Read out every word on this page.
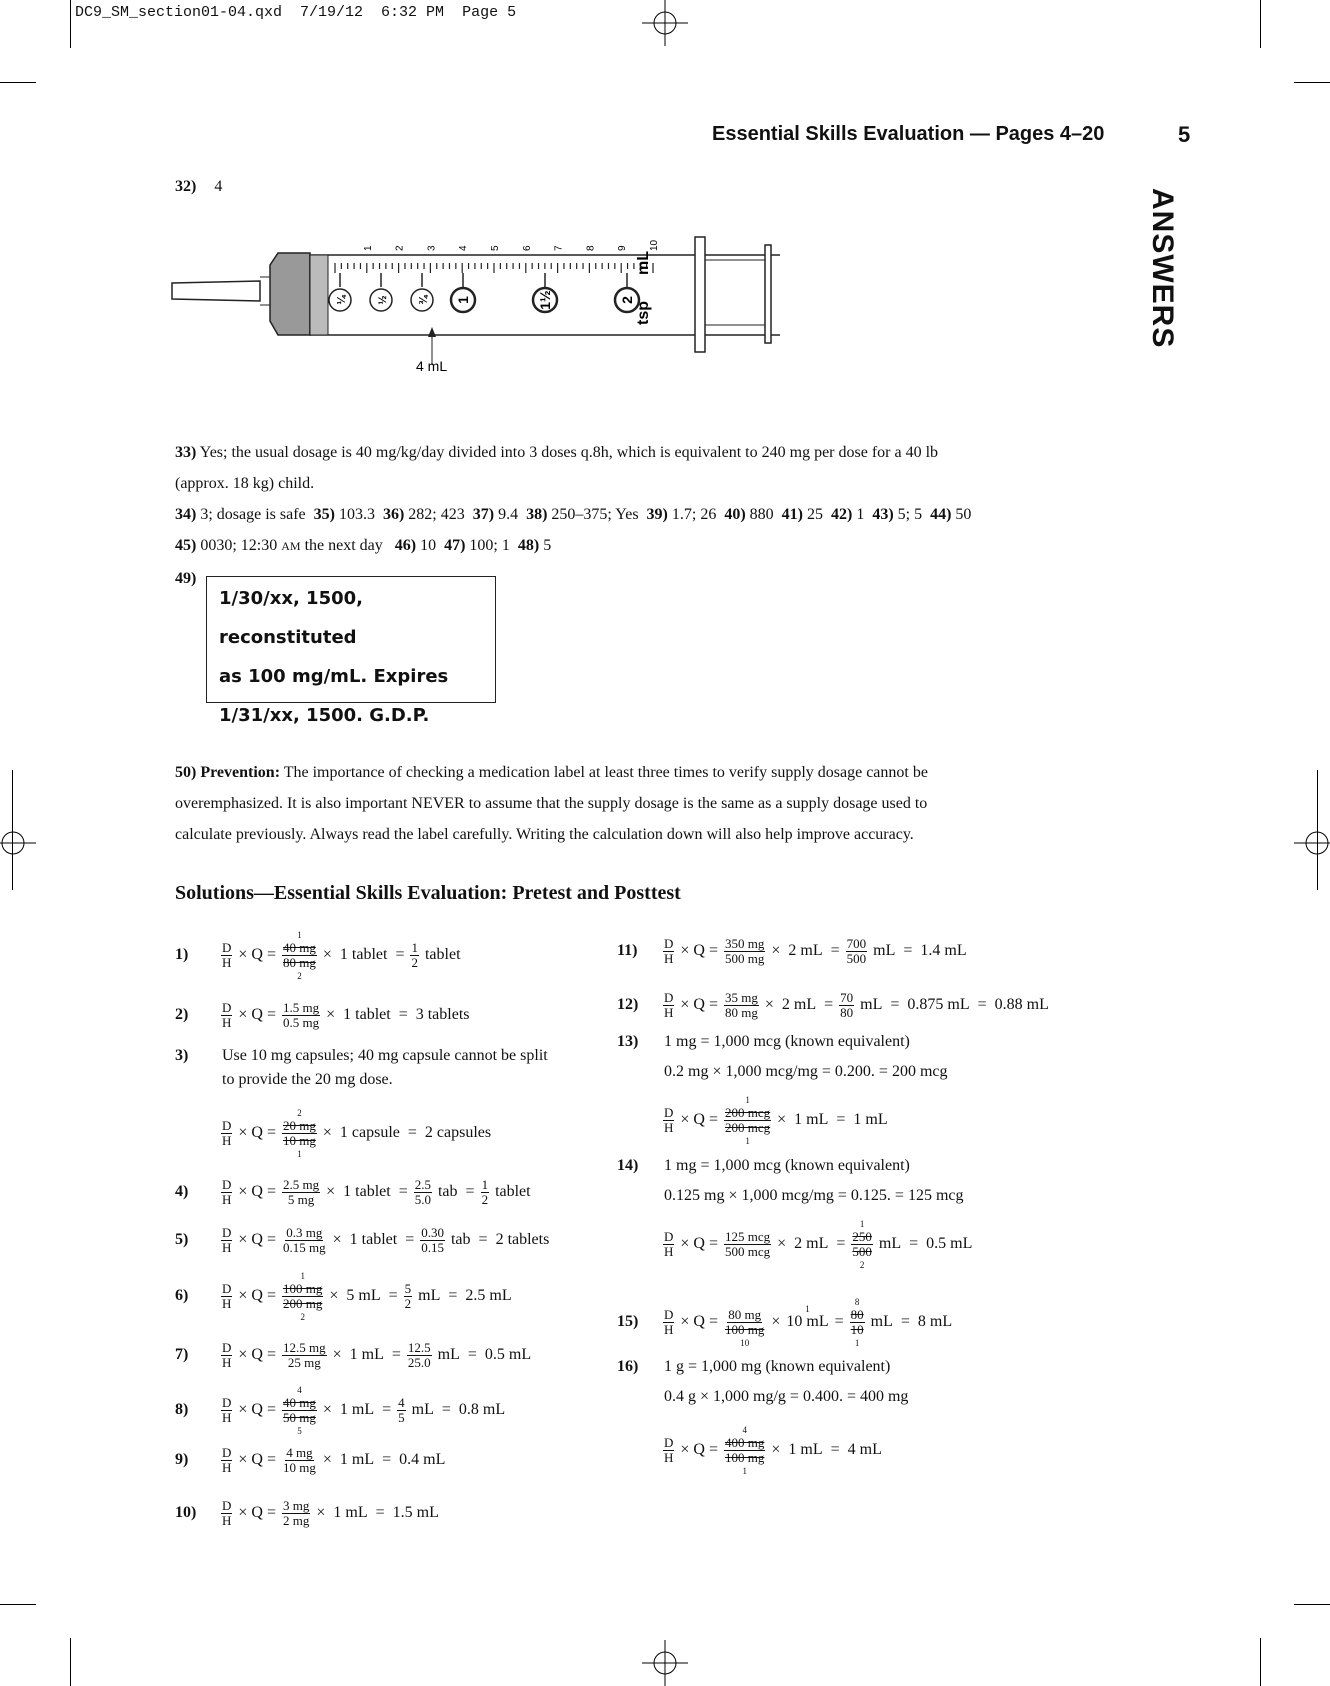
DC9_SM_section01-04.qxd  7/19/12  6:32 PM  Page 5
Essential Skills Evaluation — Pages 4–20	5
ANSWERS
32) 4
1 2 3 4 5 6 7 8 9 10
¼	½	¾ 1	1½	2
mL
tsp
4 mL
33) Yes; the usual dosage is 40 mg/kg/day divided into 3 doses q.8h, which is equivalent to 240 mg per dose for a 40 lb
(approx. 18 kg) child.
34) 3; dosage is safe 35) 103.3 36) 282; 423 37) 9.4 38) 250–375; Yes 39) 1.7; 26 40) 880 41) 25 42) 1 43) 5; 5 44) 50
45) 0030; 12:30 AM the next day 46) 10 47) 100; 1 48) 5
49)
1/30/xx, 1500, reconstituted
as 100 mg/mL. Expires
1/31/xx, 1500. G.D.P.
50) Prevention: The importance of checking a medication label at least three times to verify supply dosage cannot be
overemphasized. It is also important NEVER to assume that the supply dosage is the same as a supply dosage used to
calculate previously. Always read the label carefully. Writing the calculation down will also help improve accuracy.
Solutions—Essential Skills Evaluation: Pretest and Posttest
1)	$\frac{D}{H} \times Q$ =
1
40 mg
80 mg
2
× 1 tablet = $\frac{1}{2}$ tablet
2)	$\frac{D}{H} \times Q = \frac{1.5 mg}{0.5 mg} \times 1$ tablet = 3 tablets
3) Use 10 mg capsules; 40 mg capsule cannot be split
to provide the 20 mg dose.
$\frac{D}{H} \times Q$ =
2
20 mg
10 mg
1
× 1 capsule = 2 capsules
4)	$\frac{D}{H} \times Q = \frac{2.5 mg}{5 mg} \times 1$ tablet = $\frac{2.5}{5.0}$ tab = $\frac{1}{2}$ tablet
5)	$\frac{D}{H} \times Q = \frac{0.3 mg}{0.15 mg} \times 1$ tablet = $\frac{0.30}{0.15}$ tab = 2 tablets
6)	$\frac{D}{H} \times Q$ =
1
100 mg
200 mg
2
× 5 mL = $\frac{5}{2}$ mL = 2.5 mL
7)	$\frac{D}{H} \times Q = \frac{12.5 mg}{25 mg} \times 1$ mL = $\frac{12.5}{25.0}$ mL = 0.5 mL
8)	$\frac{D}{H} \times Q$ =
4
40 mg
50 mg
5
× 1 mL = $\frac{4}{5}$ mL = 0.8 mL
9)	$\frac{D}{H} \times Q = \frac{4 mg}{10 mg} \times 1$ mL = 0.4 mL
$10) \frac{D}{H} \times Q = \frac{3 mg}{2 mg} \times 1$ mL = 1.5 mL
$11) \frac{D}{H} \times Q = \frac{350 mg}{500 mg} \times 2$ mL = $\frac{700}{500}$ mL = 1.4 mL
$12) \frac{D}{H} \times Q = \frac{35 mg}{80 mg} \times 2$ mL = $\frac{70}{80}$ mL = 0.875 mL = 0.88 mL
13) 1 mg = 1,000 mcg (known equivalent)
0.2 mg × 1,000 mcg/mg = 0.200. = 200 mcg
$\frac{D}{H} \times Q$ =
1
200 mcg
200 mcg
1
× 1 mL = 1 mL
14) 1 mg = 1,000 mcg (known equivalent)
0.125 mg × 1,000 mcg/mg = 0.125. = 125 mcg
$\frac{D}{H} \times Q = \frac{\text{125 mcg}}{\text{500 mcg}} \times 2$ mL =
1
250
500
2
mL = 0.5 mL
$15) \frac{D}{H} \times Q = 80$ mg
100 mg
10
×
1
10 mL =
8
80
10
1
mL = 8 mL
16) 1 g = 1,000 mg (known equivalent)
0.4 g × 1,000 mg/g = 0.400. = 400 mg
$\frac{D}{H} \times Q$ =
4
400 mg
100 mg
1
× 1 mL = 4 mL
